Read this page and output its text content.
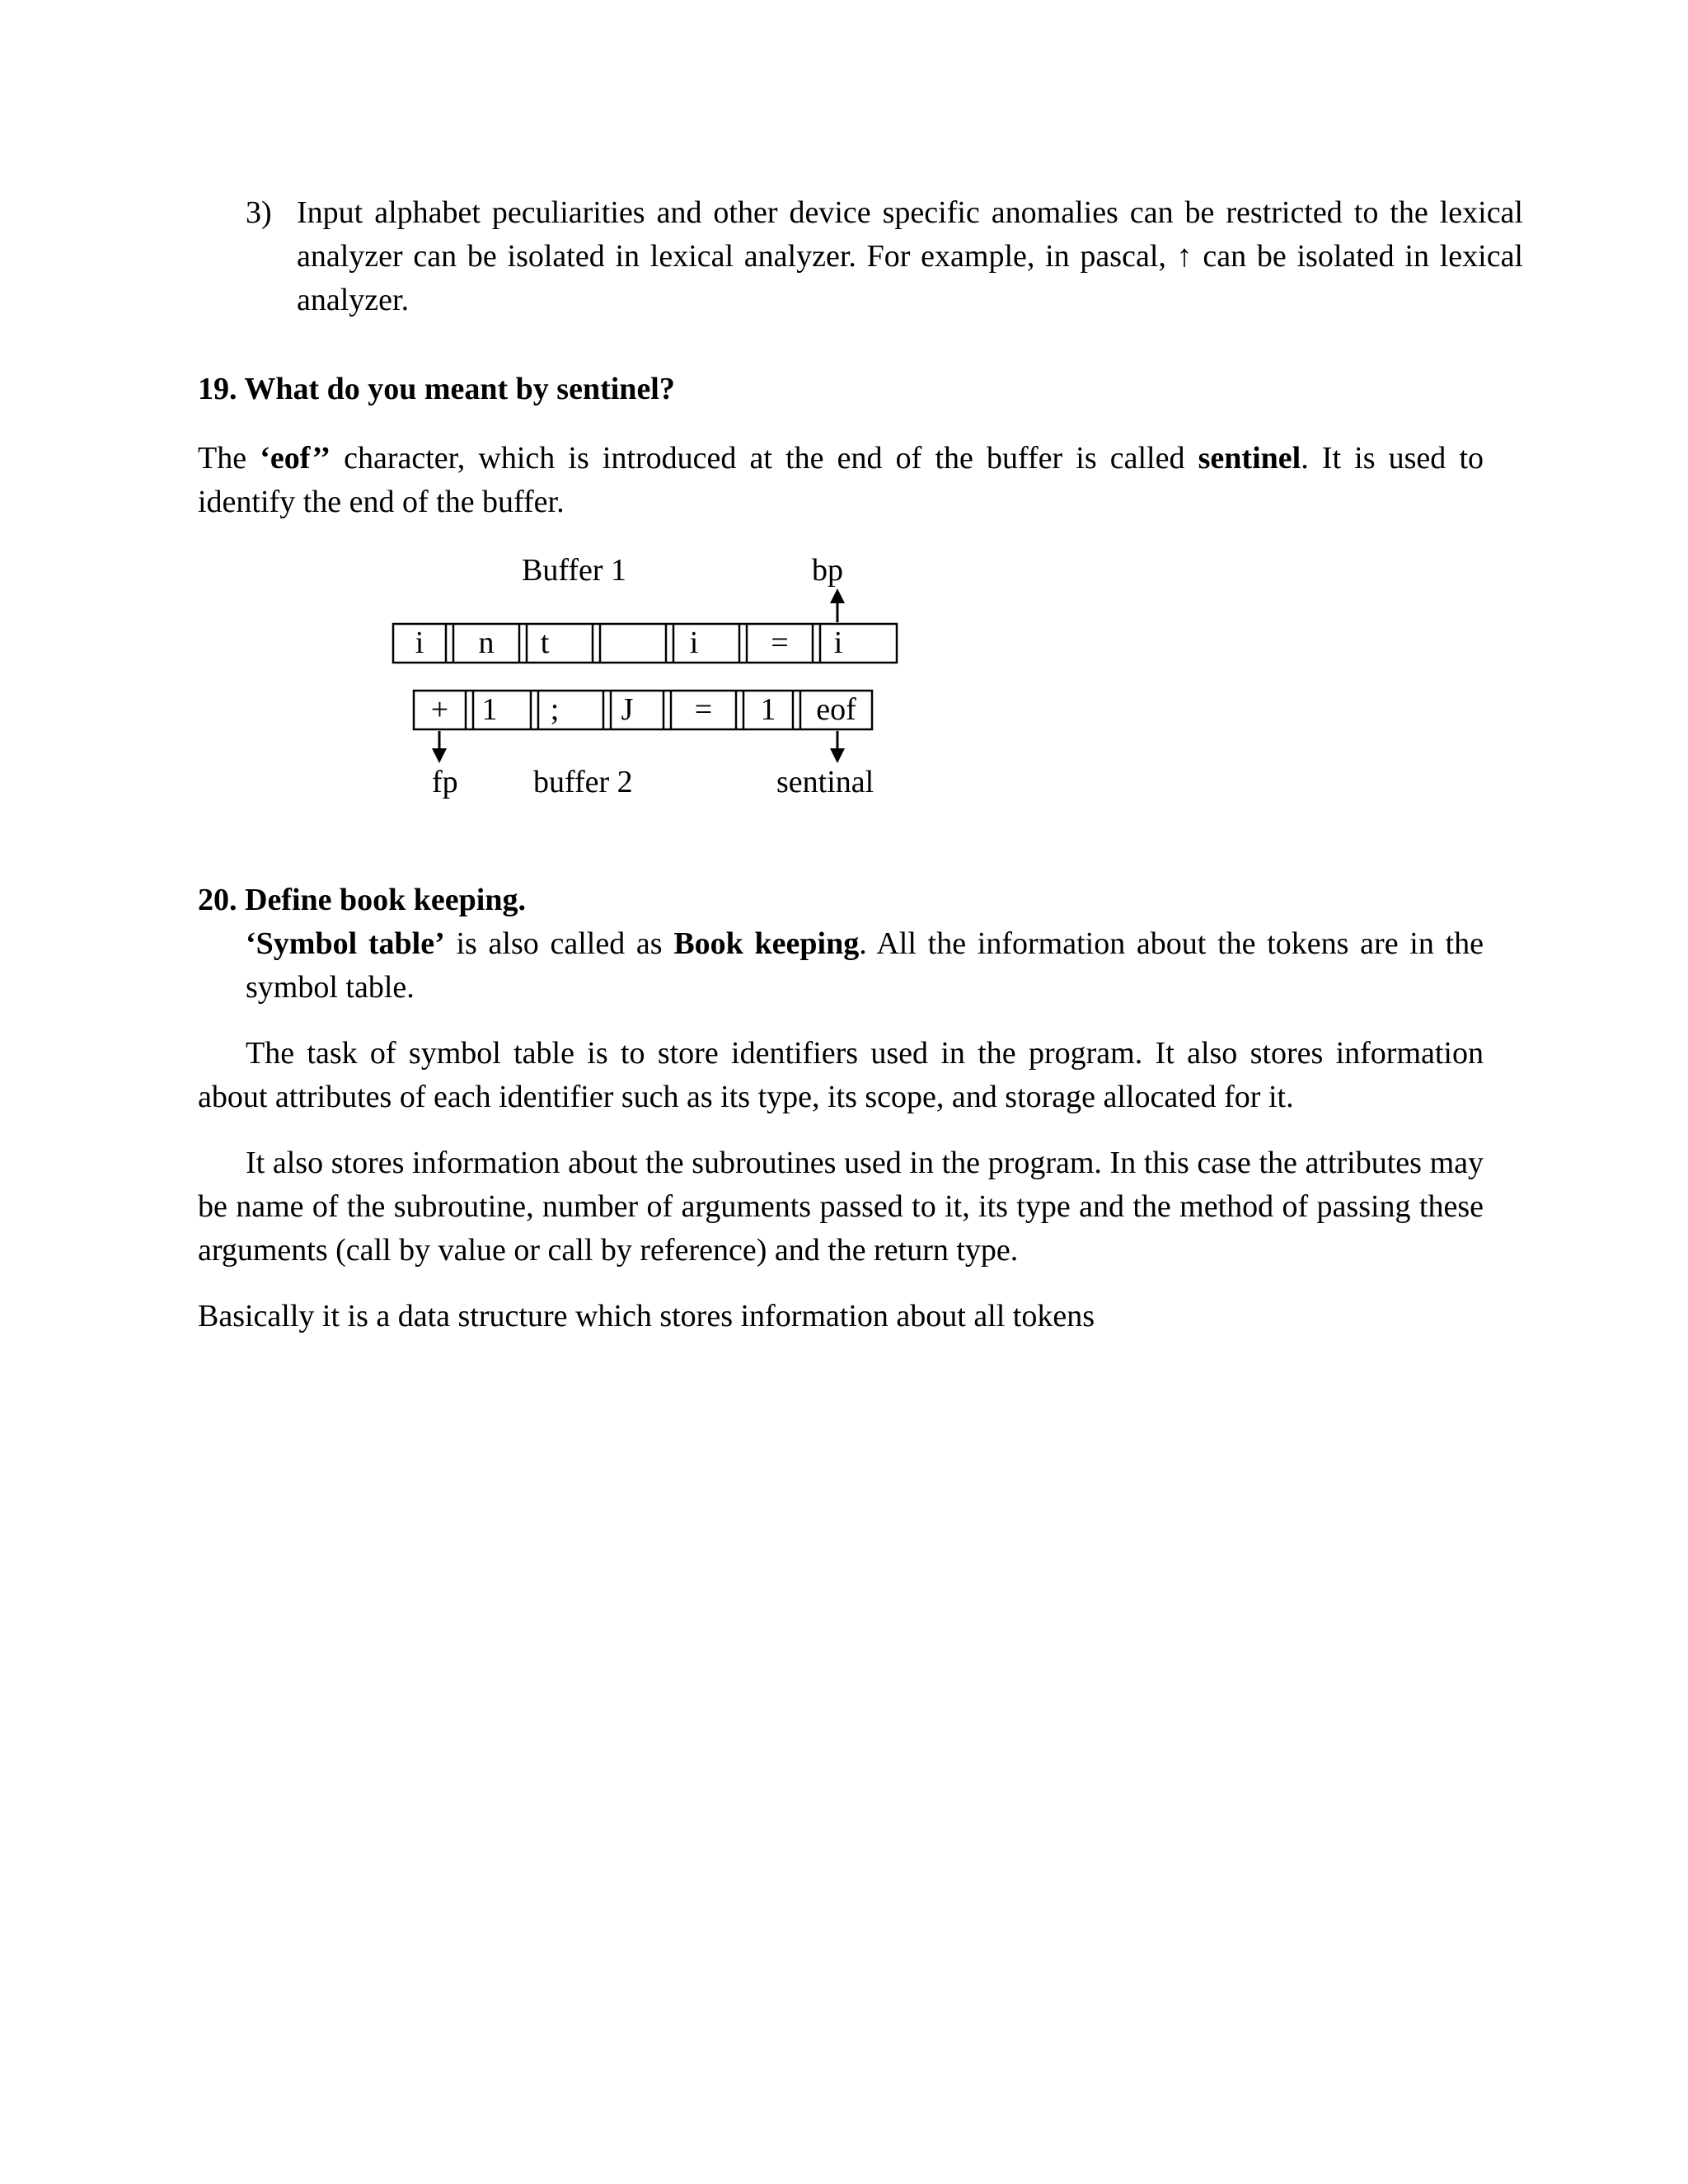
3) Input alphabet peculiarities and other device specific anomalies can be restricted to the lexical analyzer can be isolated in lexical analyzer. For example, in pascal, ↑ can be isolated in lexical analyzer.
19. What do you meant by sentinel?

The ‘eof’’ character, which is introduced at the end of the buffer is called sentinel. It is used to identify the end of the buffer.

Buffer 1	bp
i	n	t	i	=	i
+	1	;	J	=	1	eof
fp buffer 2	sentinal
20. Define book keeping.

‘Symbol table’ is also called as Book keeping. All the information about the tokens are in the symbol table.

The task of symbol table is to store identifiers used in the program. It also stores information about attributes of each identifier such as its type, its scope, and storage allocated for it.

It also stores information about the subroutines used in the program. In this case the attributes may be name of the subroutine, number of arguments passed to it, its type and the method of passing these arguments (call by value or call by reference) and the return type.

Basically it is a data structure which stores information about all tokens
